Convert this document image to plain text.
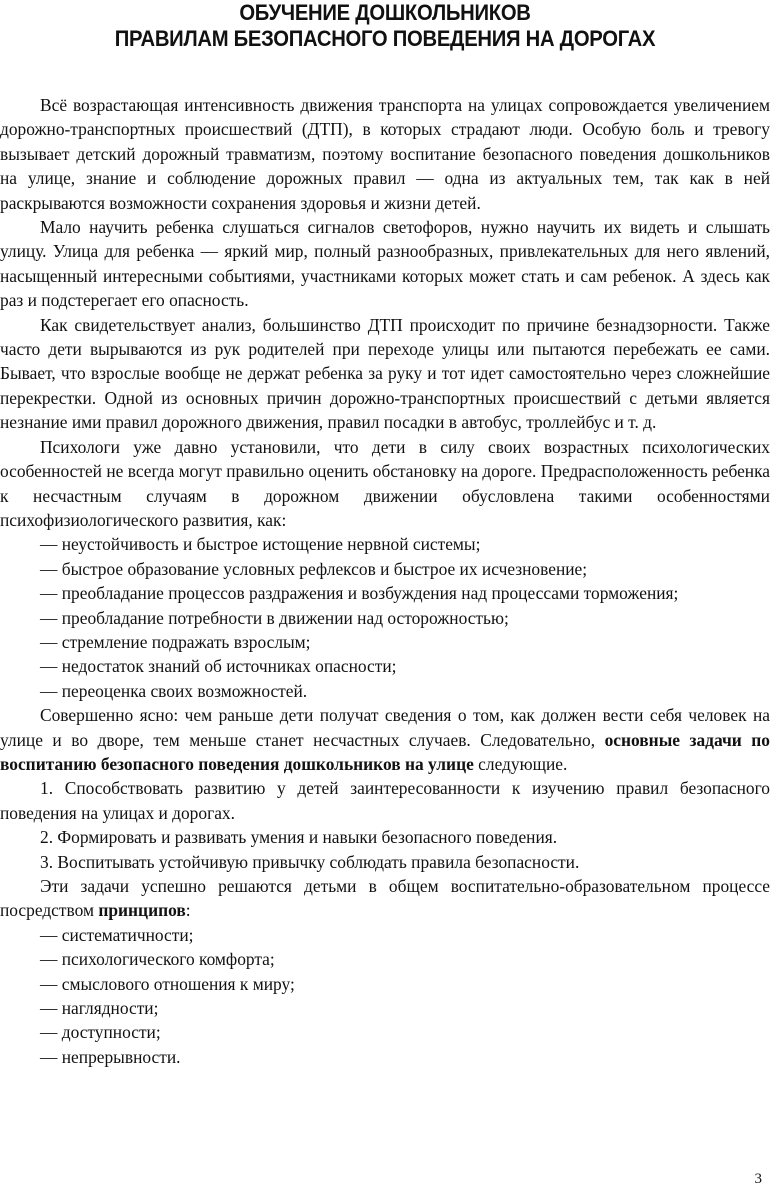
ОБУЧЕНИЕ ДОШКОЛЬНИКОВ
ПРАВИЛАМ БЕЗОПАСНОГО ПОВЕДЕНИЯ НА ДОРОГАХ

Всё возрастающая интенсивность движения транспорта на улицах сопровождается увеличением дорожно-транспортных происшествий (ДТП), в которых страдают люди. Особую боль и тревогу вызывает детский дорожный травматизм, поэтому воспитание безопасного поведения дошкольников на улице, знание и соблюдение дорожных правил — одна из актуальных тем, так как в ней раскрываются возможности сохранения здоровья и жизни детей.

Мало научить ребенка слушаться сигналов светофоров, нужно научить их видеть и слышать улицу. Улица для ребенка — яркий мир, полный разнообразных, привлекательных для него явлений, насыщенный интересными событиями, участниками которых может стать и сам ребенок. А здесь как раз и подстерегает его опасность.

Как свидетельствует анализ, большинство ДТП происходит по причине безнадзорности. Также часто дети вырываются из рук родителей при переходе улицы или пытаются перебежать ее сами. Бывает, что взрослые вообще не держат ребенка за руку и тот идет самостоятельно через сложнейшие перекрестки. Одной из основных причин дорожно-транспортных происшествий с детьми является незнание ими правил дорожного движения, правил посадки в автобус, троллейбус и т. д.

Психологи уже давно установили, что дети в силу своих возрастных психологических особенностей не всегда могут правильно оценить обстановку на дороге. Предрасположенность ребенка к несчастным случаям в дорожном движении обусловлена такими особенностями психофизиологического развития, как:

— неустойчивость и быстрое истощение нервной системы;

— быстрое образование условных рефлексов и быстрое их исчезновение;

— преобладание процессов раздражения и возбуждения над процессами торможения;

— преобладание потребности в движении над осторожностью;

— стремление подражать взрослым;

— недостаток знаний об источниках опасности;

— переоценка своих возможностей.

Совершенно ясно: чем раньше дети получат сведения о том, как должен вести себя человек на улице и во дворе, тем меньше станет несчастных случаев. Следовательно, основные задачи по воспитанию безопасного поведения дошкольников на улице следующие.

1. Способствовать развитию у детей заинтересованности к изучению правил безопасного поведения на улицах и дорогах.

2. Формировать и развивать умения и навыки безопасного поведения.

3. Воспитывать устойчивую привычку соблюдать правила безопасности.

Эти задачи успешно решаются детьми в общем воспитательно-образовательном процессе посредством принципов:

— систематичности;

— психологического комфорта;

— смыслового отношения к миру;

— наглядности;

— доступности;

— непрерывности.

3
